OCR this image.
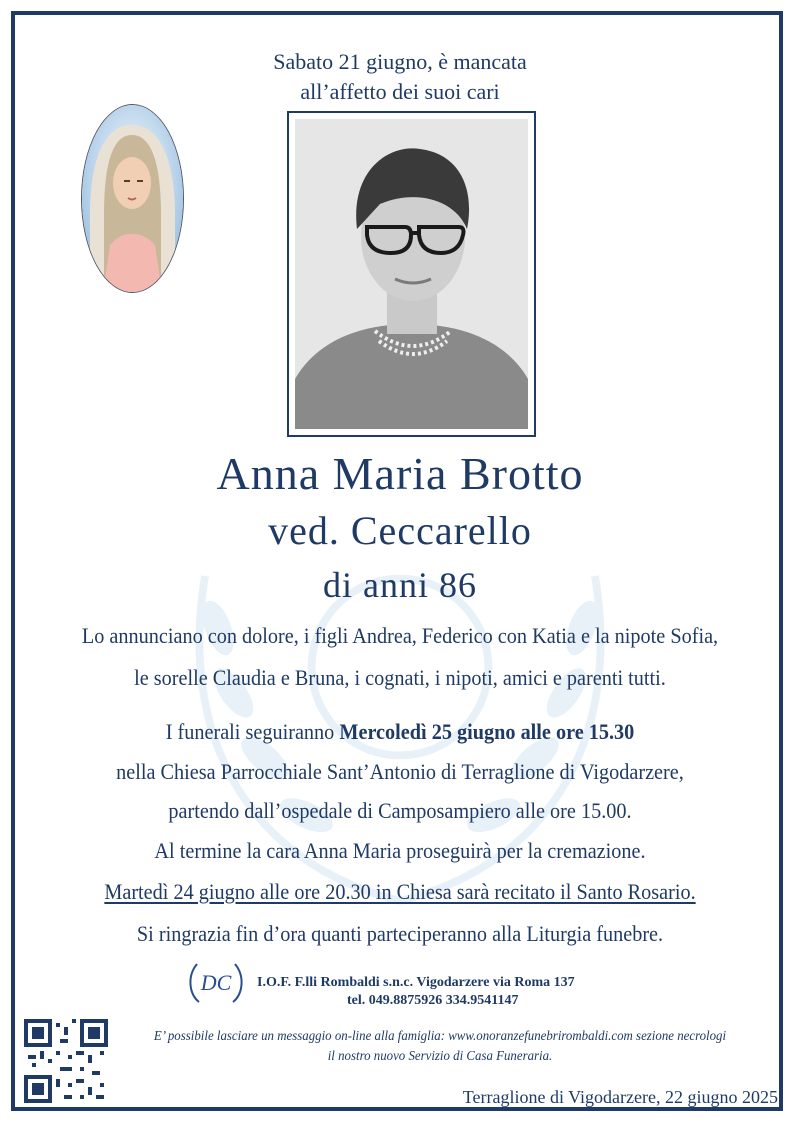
Sabato 21 giugno, è mancata
all’affetto dei suoi cari
Anna Maria Brotto
ved. Ceccarello
di anni 86
Lo annunciano con dolore, i figli Andrea, Federico con Katia e la nipote Sofia,
le sorelle Claudia e Bruna, i cognati, i nipoti, amici e parenti tutti.
I funerali seguiranno Mercoledì 25 giugno alle ore 15.30
nella Chiesa Parrocchiale Sant’Antonio di Terraglione di Vigodarzere,
partendo dall’ospedale di Camposampiero alle ore 15.00.
Al termine la cara Anna Maria proseguirà per la cremazione.
Martedì 24 giugno alle ore 20.30 in Chiesa sarà recitato il Santo Rosario.
Si ringrazia fin d’ora quanti parteciperanno alla Liturgia funebre.
DC I.O.F. F.lli Rombaldi s.n.c. Vigodarzere via Roma 137
tel. 049.8875926 334.9541147
E’ possibile lasciare un messaggio on-line alla famiglia: www.onoranzefunebrirombaldi.com sezione necrologi
il nostro nuovo Servizio di Casa Funeraria.
Terraglione di Vigodarzere, 22 giugno 2025
